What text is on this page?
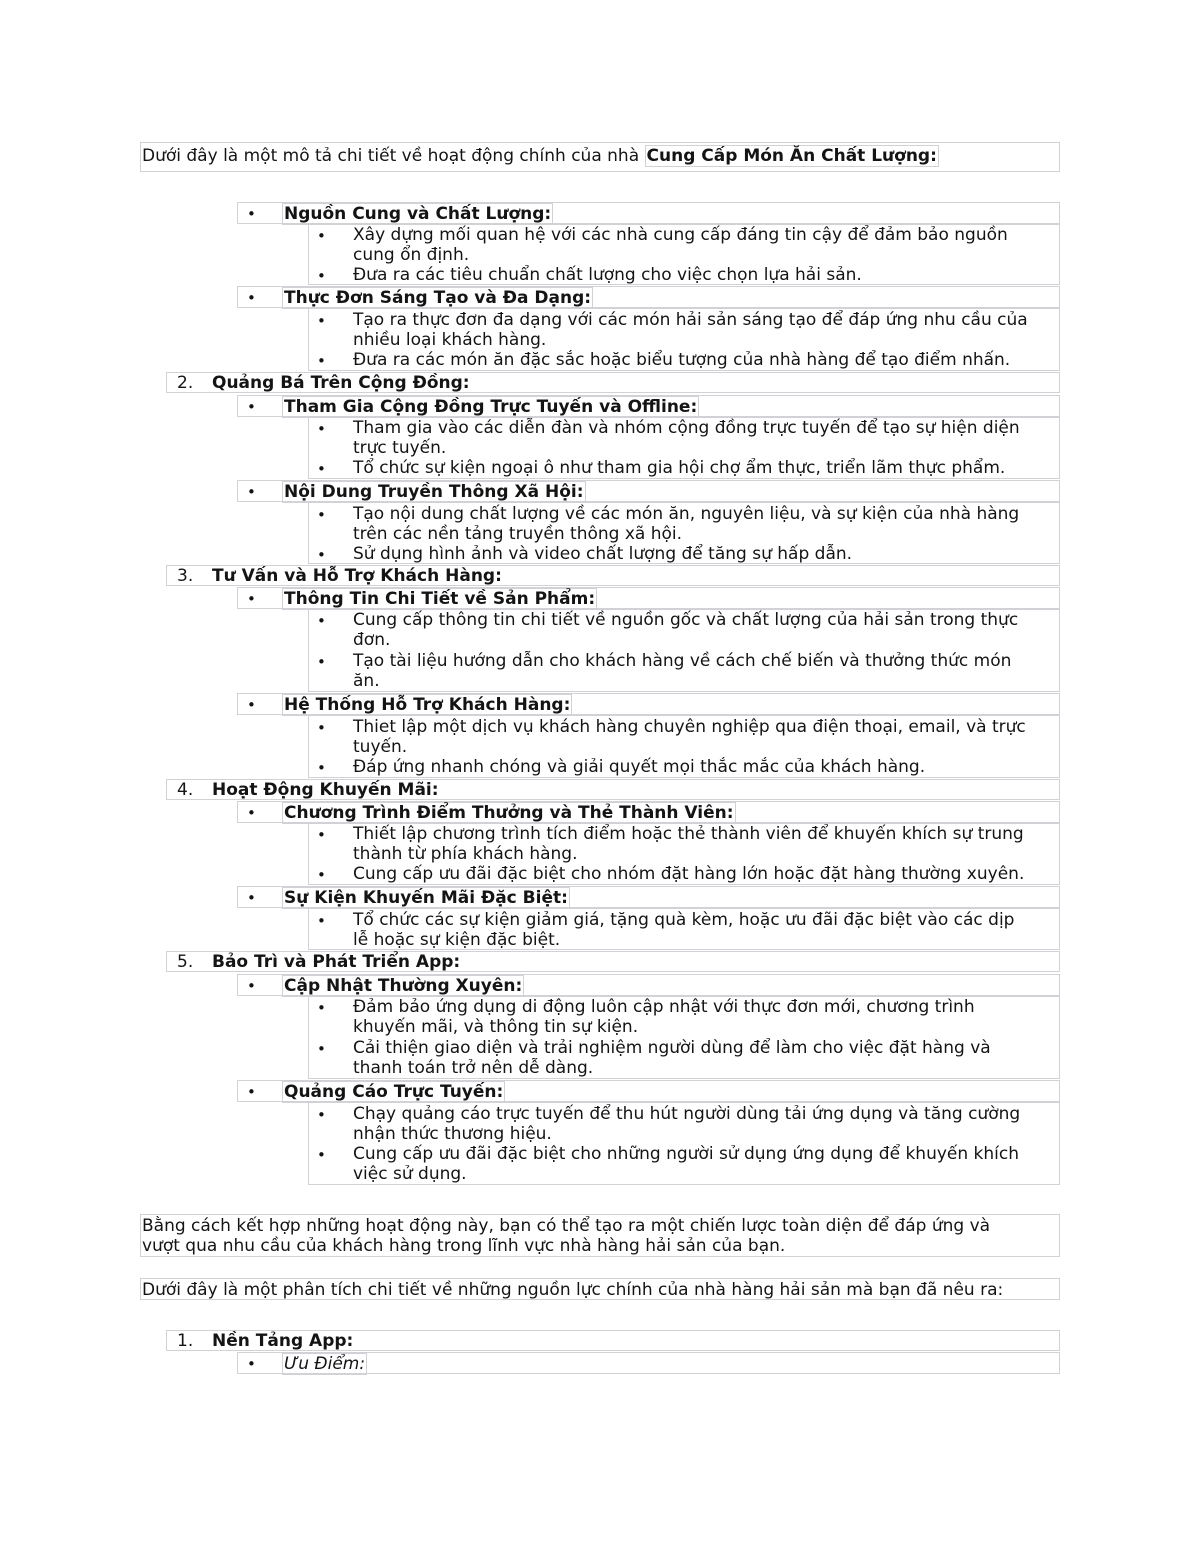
Dưới đây là một mô tả chi tiết về hoạt động chính của nhà Cung Cấp Món Ăn Chất Lượng:
• Nguồn Cung và Chất Lượng:
• Xây dựng mối quan hệ với các nhà cung cấp đáng tin cậy để đảm bảo nguồn
cung ổn định.
• Đưa ra các tiêu chuẩn chất lượng cho việc chọn lựa hải sản.
• Thực Đơn Sáng Tạo và Đa Dạng:
• Tạo ra thực đơn đa dạng với các món hải sản sáng tạo để đáp ứng nhu cầu của
nhiều loại khách hàng.
• Đưa ra các món ăn đặc sắc hoặc biểu tượng của nhà hàng để tạo điểm nhấn.
2. Quảng Bá Trên Cộng Đồng:
• Tham Gia Cộng Đồng Trực Tuyến và Offline:
• Tham gia vào các diễn đàn và nhóm cộng đồng trực tuyến để tạo sự hiện diện
trực tuyến.
• Tổ chức sự kiện ngoại ô như tham gia hội chợ ẩm thực, triển lãm thực phẩm.
• Nội Dung Truyền Thông Xã Hội:
• Tạo nội dung chất lượng về các món ăn, nguyên liệu, và sự kiện của nhà hàng
trên các nền tảng truyền thông xã hội.
• Sử dụng hình ảnh và video chất lượng để tăng sự hấp dẫn.
3. Tư Vấn và Hỗ Trợ Khách Hàng:
• Thông Tin Chi Tiết về Sản Phẩm:
• Cung cấp thông tin chi tiết về nguồn gốc và chất lượng của hải sản trong thực
đơn.
• Tạo tài liệu hướng dẫn cho khách hàng về cách chế biến và thưởng thức món
ăn.
• Hệ Thống Hỗ Trợ Khách Hàng:
• Thiet lập một dịch vụ khách hàng chuyên nghiệp qua điện thoại, email, và trực
tuyến.
• Đáp ứng nhanh chóng và giải quyết mọi thắc mắc của khách hàng.
4. Hoạt Động Khuyến Mãi:
• Chương Trình Điểm Thưởng và Thẻ Thành Viên:
• Thiết lập chương trình tích điểm hoặc thẻ thành viên để khuyến khích sự trung
thành từ phía khách hàng.
• Cung cấp ưu đãi đặc biệt cho nhóm đặt hàng lớn hoặc đặt hàng thường xuyên.
• Sự Kiện Khuyến Mãi Đặc Biệt:
• Tổ chức các sự kiện giảm giá, tặng quà kèm, hoặc ưu đãi đặc biệt vào các dịp
lễ hoặc sự kiện đặc biệt.
5. Bảo Trì và Phát Triển App:
• Cập Nhật Thường Xuyên:
• Đảm bảo ứng dụng di động luôn cập nhật với thực đơn mới, chương trình
khuyến mãi, và thông tin sự kiện.
• Cải thiện giao diện và trải nghiệm người dùng để làm cho việc đặt hàng và
thanh toán trở nên dễ dàng.
• Quảng Cáo Trực Tuyến:
• Chạy quảng cáo trực tuyến để thu hút người dùng tải ứng dụng và tăng cường
nhận thức thương hiệu.
• Cung cấp ưu đãi đặc biệt cho những người sử dụng ứng dụng để khuyến khích
việc sử dụng.
Bằng cách kết hợp những hoạt động này, bạn có thể tạo ra một chiến lược toàn diện để đáp ứng và
vượt qua nhu cầu của khách hàng trong lĩnh vực nhà hàng hải sản của bạn.
Dưới đây là một phân tích chi tiết về những nguồn lực chính của nhà hàng hải sản mà bạn đã nêu ra:
1. Nền Tảng App:
• Ưu Điểm:
